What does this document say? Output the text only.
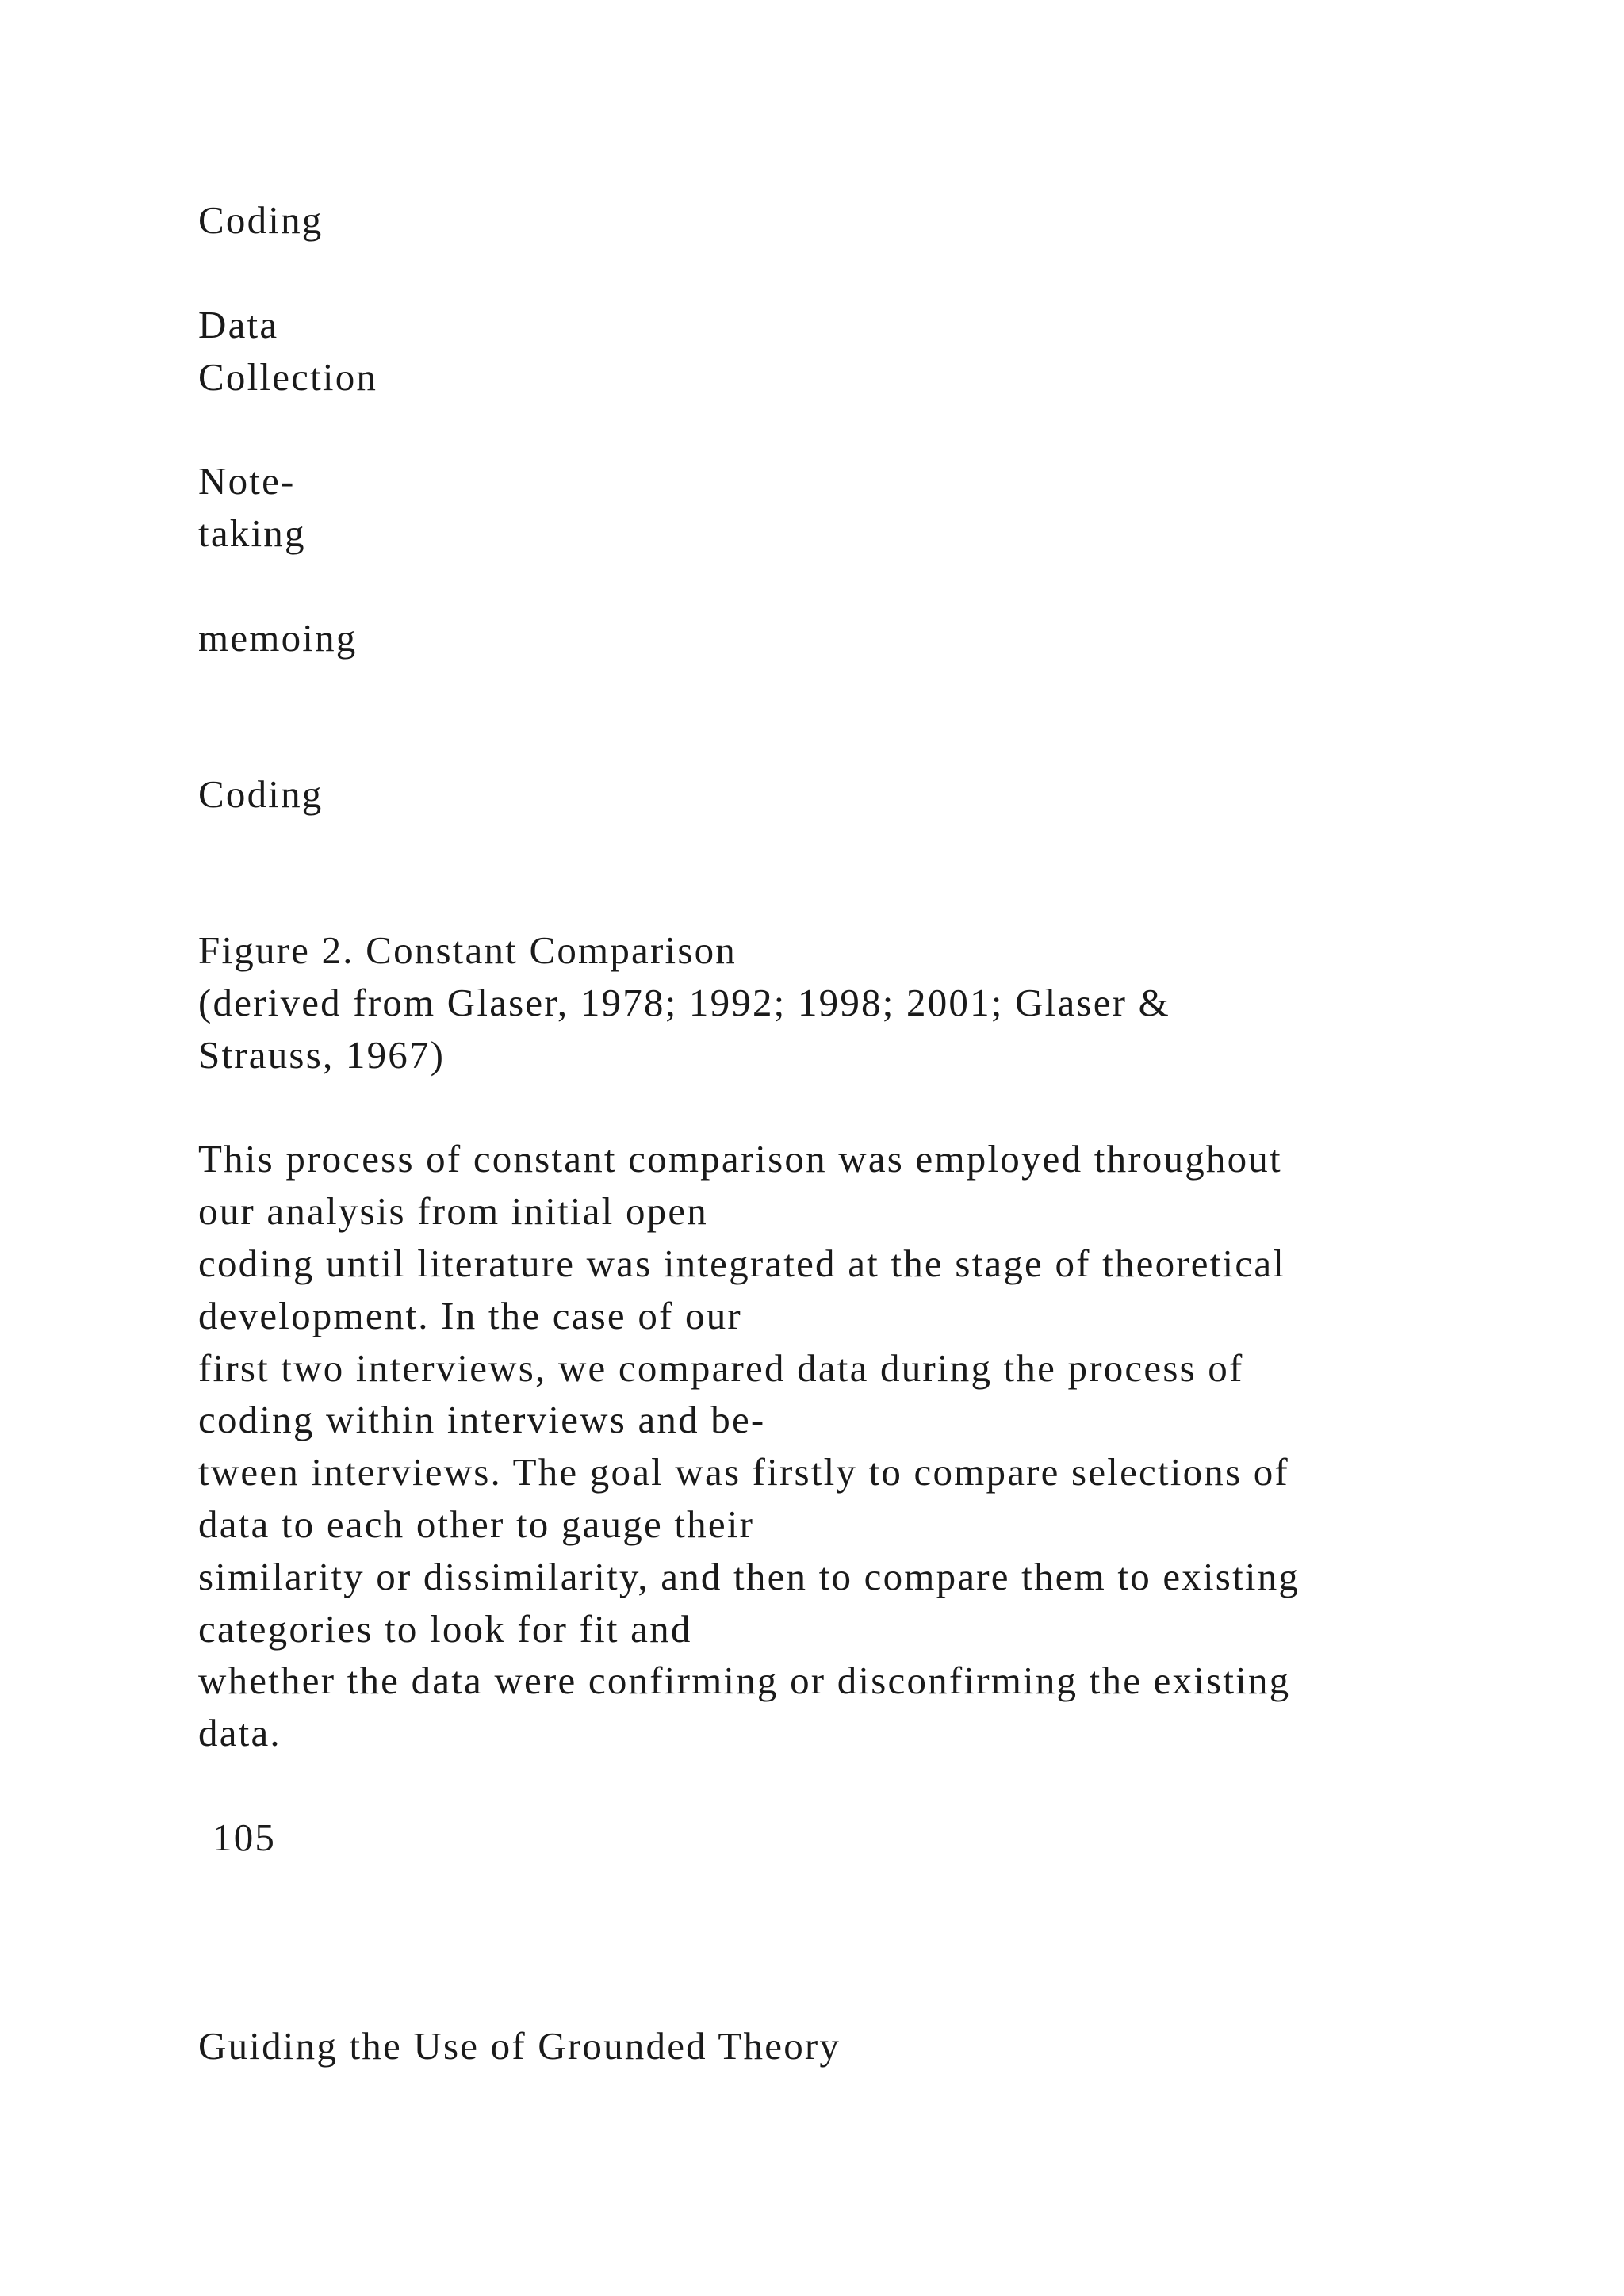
Coding
Data
Collection
Note-
taking
memoing
Coding
Figure 2. Constant Comparison
(derived from Glaser, 1978; 1992; 1998; 2001; Glaser &
Strauss, 1967)
This process of constant comparison was employed throughout
our analysis from initial open
coding until literature was integrated at the stage of theoretical
development. In the case of our
first two interviews, we compared data during the process of
coding within interviews and be-
tween interviews. The goal was firstly to compare selections of
data to each other to gauge their
similarity or dissimilarity, and then to compare them to existing
categories to look for fit and
whether the data were confirming or disconfirming the existing
data.
105
Guiding the Use of Grounded Theory
